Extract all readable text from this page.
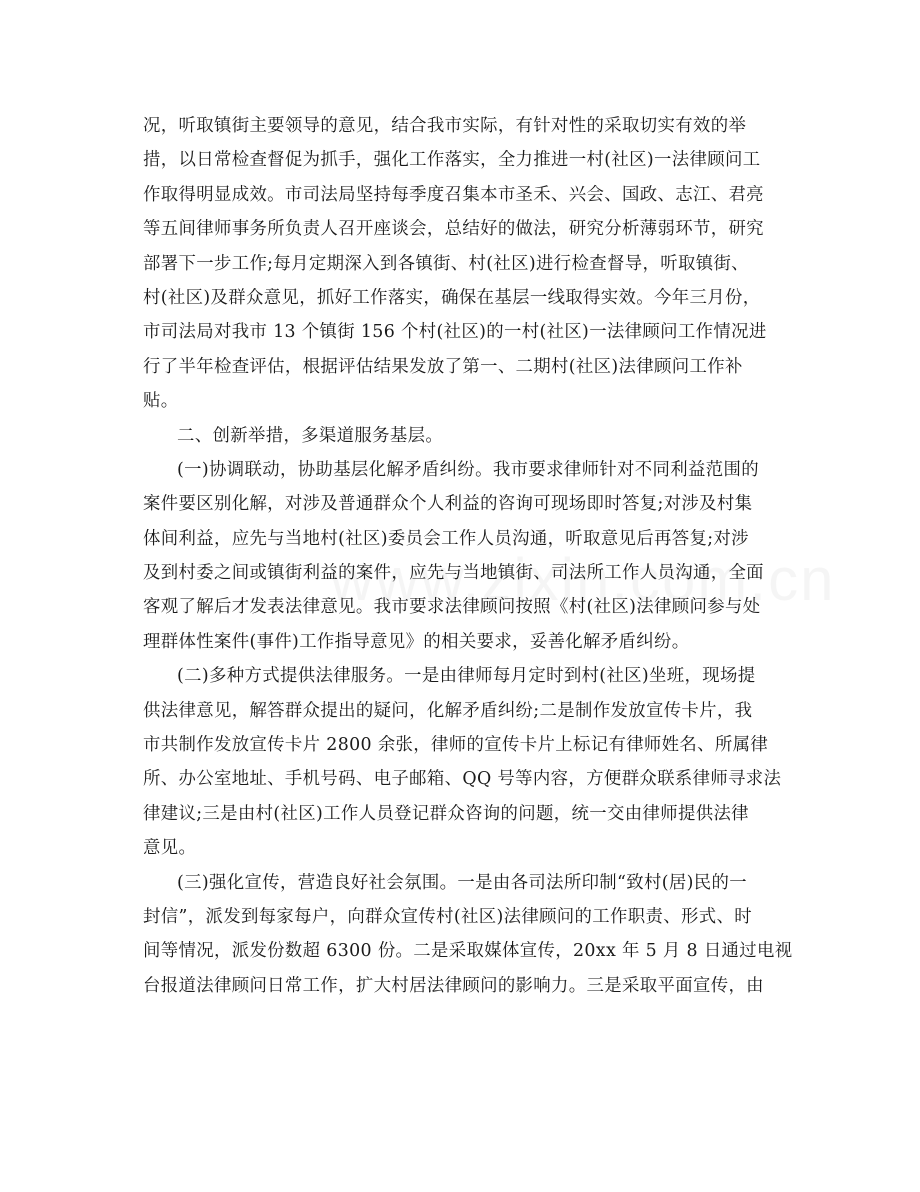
况，听取镇街主要领导的意见，结合我市实际，有针对性的采取切实有效的举
措，以日常检查督促为抓手，强化工作落实，全力推进一村(社区)一法律顾问工
作取得明显成效。市司法局坚持每季度召集本市圣禾、兴会、国政、志江、君亮
等五间律师事务所负责人召开座谈会，总结好的做法，研究分析薄弱环节，研究
部署下一步工作;每月定期深入到各镇街、村(社区)进行检查督导，听取镇街、
村(社区)及群众意见，抓好工作落实，确保在基层一线取得实效。今年三月份，
市司法局对我市 13 个镇街 156 个村(社区)的一村(社区)一法律顾问工作情况进
行了半年检查评估，根据评估结果发放了第一、二期村(社区)法律顾问工作补
贴。
二、创新举措，多渠道服务基层。
(一)协调联动，协助基层化解矛盾纠纷。我市要求律师针对不同利益范围的
案件要区别化解，对涉及普通群众个人利益的咨询可现场即时答复;对涉及村集
体间利益，应先与当地村(社区)委员会工作人员沟通，听取意见后再答复;对涉
及到村委之间或镇街利益的案件，应先与当地镇街、司法所工作人员沟通，全面
客观了解后才发表法律意见。我市要求法律顾问按照《村(社区)法律顾问参与处
理群体性案件(事件)工作指导意见》的相关要求，妥善化解矛盾纠纷。
(二)多种方式提供法律服务。一是由律师每月定时到村(社区)坐班，现场提
供法律意见，解答群众提出的疑问，化解矛盾纠纷;二是制作发放宣传卡片，我
市共制作发放宣传卡片 2800 余张，律师的宣传卡片上标记有律师姓名、所属律
所、办公室地址、手机号码、电子邮箱、QQ 号等内容，方便群众联系律师寻求法
律建议;三是由村(社区)工作人员登记群众咨询的问题，统一交由律师提供法律
意见。
(三)强化宣传，营造良好社会氛围。一是由各司法所印制“致村(居)民的一
封信”，派发到每家每户，向群众宣传村(社区)法律顾问的工作职责、形式、时
间等情况，派发份数超 6300 份。二是采取媒体宣传，20xx 年 5 月 8 日通过电视
台报道法律顾问日常工作，扩大村居法律顾问的影响力。三是采取平面宣传，由
